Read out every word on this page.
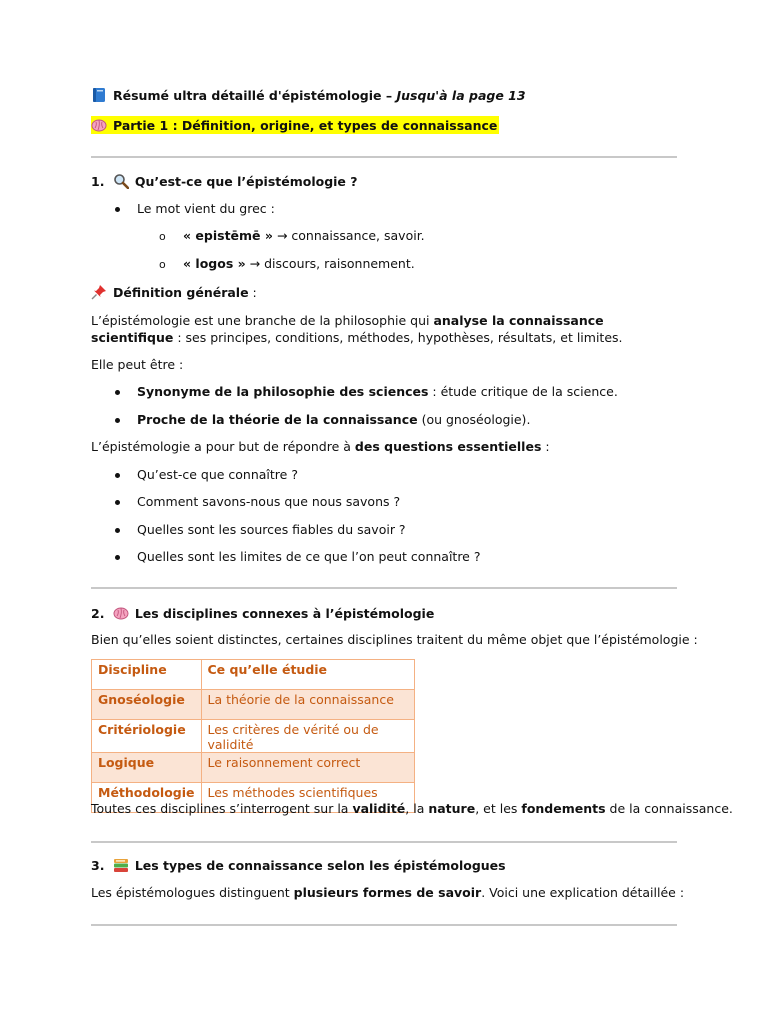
Résumé ultra détaillé d'épistémologie – Jusqu'à la page 13
Partie 1 : Définition, origine, et types de connaissance
1. Qu’est-ce que l’épistémologie ?
Le mot vient du grec :
o « epistēmē » → connaissance, savoir.
o « logos » → discours, raisonnement.
Définition générale :
L’épistémologie est une branche de la philosophie qui analyse la connaissance scientifique : ses principes, conditions, méthodes, hypothèses, résultats, et limites.
Elle peut être :
Synonyme de la philosophie des sciences : étude critique de la science.
Proche de la théorie de la connaissance (ou gnoséologie).
L’épistémologie a pour but de répondre à des questions essentielles :
Qu’est-ce que connaître ?
Comment savons-nous que nous savons ?
Quelles sont les sources fiables du savoir ?
Quelles sont les limites de ce que l’on peut connaître ?
2. Les disciplines connexes à l’épistémologie
Bien qu’elles soient distinctes, certaines disciplines traitent du même objet que l’épistémologie :
Discipline	Ce qu’elle étudie
Gnoséologie	La théorie de la connaissance
Critériologie	Les critères de vérité ou de validité
Logique	Le raisonnement correct
Méthodologie	Les méthodes scientifiques
Toutes ces disciplines s’interrogent sur la validité, la nature, et les fondements de la connaissance.
3. Les types de connaissance selon les épistémologues
Les épistémologues distinguent plusieurs formes de savoir. Voici une explication détaillée :
